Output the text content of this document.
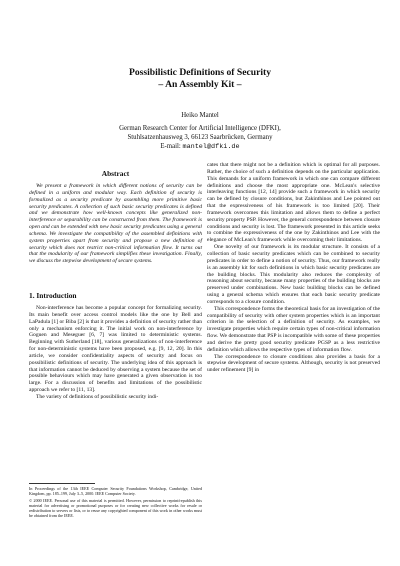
Possibilistic Definitions of Security
– An Assembly Kit –
Heiko Mantel
German Research Center for Artificial Intelligence (DFKI),
Stuhlsatzenhausweg 3, 66123 Saarbrücken, Germany
E-mail: mantel@dfki.de
Abstract
We present a framework in which different notions of security can be defined in a uniform and modular way. Each definition of security is formalized as a security predicate by assembling more primitive basic security predicates. A collection of such basic security predicates is defined and we demonstrate how well-known concepts like generalized non-interference or separability can be constructed from them. The framework is open and can be extended with new basic security predicates using a general schema. We investigate the compatibility of the assembled definitions with system properties apart from security and propose a new definition of security which does not restrict non-critical information flow. It turns out that the modularity of our framework simplifies these investigation. Finally, we discuss the stepwise development of secure systems.
1. Introduction

Non-interference has become a popular concept for formalizing security. Its main benefit over access control models like the one by Bell and LaPadula [1] or Biba [2] is that it provides a definition of security rather than only a mechanism enforcing it. The initial work on non-interference by Goguen and Meseguer [6, 7] was limited to deterministic systems. Beginning with Sutherland [18], various generalizations of non-interference for non-deterministic systems have been proposed, e.g. [9, 12, 20]. In this article, we consider confidentiality aspects of security and focus on possibilistic definitions of security. The underlying idea of this approach is that information cannot be deduced by observing a system because the set of possible behaviours which may have generated a given observation is too large. For a discussion of benefits and limitations of the possibilistic approach we refer to [11, 13].

The variety of definitions of possibilistic security indi-

In Proceedings of the 13th IEEE Computer Security Foundations Workshop, Cambridge, United Kingdom, pp. 185–199, July 3–5, 2000. IEEE Computer Society.

© 2000 IEEE. Personal use of this material is permitted. However, permission to reprint/republish this material for advertising or promotional purposes or for creating new collective works for resale or redistribution to servers or lists, or to reuse any copyrighted component of this work in other works must be obtained from the IEEE.

cates that there might not be a definition which is optimal for all purposes. Rather, the choice of such a definition depends on the particular application. This demands for a uniform framework in which one can compare different definitions and choose the most appropriate one. McLean's selective interleaving functions [12, 14] provide such a framework in which security can be defined by closure conditions, but Zakinthinos and Lee pointed out that the expressiveness of his framework is too limited [20]. Their framework overcomes this limitation and allows them to define a perfect security property PSP. However, the general correspondence between closure conditions and security is lost. The framework presented in this article seeks to combine the expressiveness of the one by Zakinthinos and Lee with the elegance of McLean's framework while overcoming their limitations.

One novelty of our framework is its modular structure. It consists of a collection of basic security predicates which can be combined to security predicates in order to define a notion of security. Thus, our framework really is an assembly kit for such definitions in which basic security predicates are the building blocks. This modularity also reduces the complexity of reasoning about security, because many properties of the building blocks are preserved under combinations. New basic building blocks can be defined using a general schema which ensures that each basic security predicate corresponds to a closure condition.

This correspondence forms the theoretical basis for an investigation of the compatibility of security with other system properties which is an important criterion in the selection of a definition of security. As examples, we investigate properties which require certain types of non-critical information flow. We demonstrate that PSP is incompatible with some of these properties and derive the pretty good security predicate PGSP as a less restrictive definition which allows the respective types of information flow.

The correspondence to closure conditions also provides a basis for a stepwise development of secure systems. Although, security is not preserved under refinement [9] in
